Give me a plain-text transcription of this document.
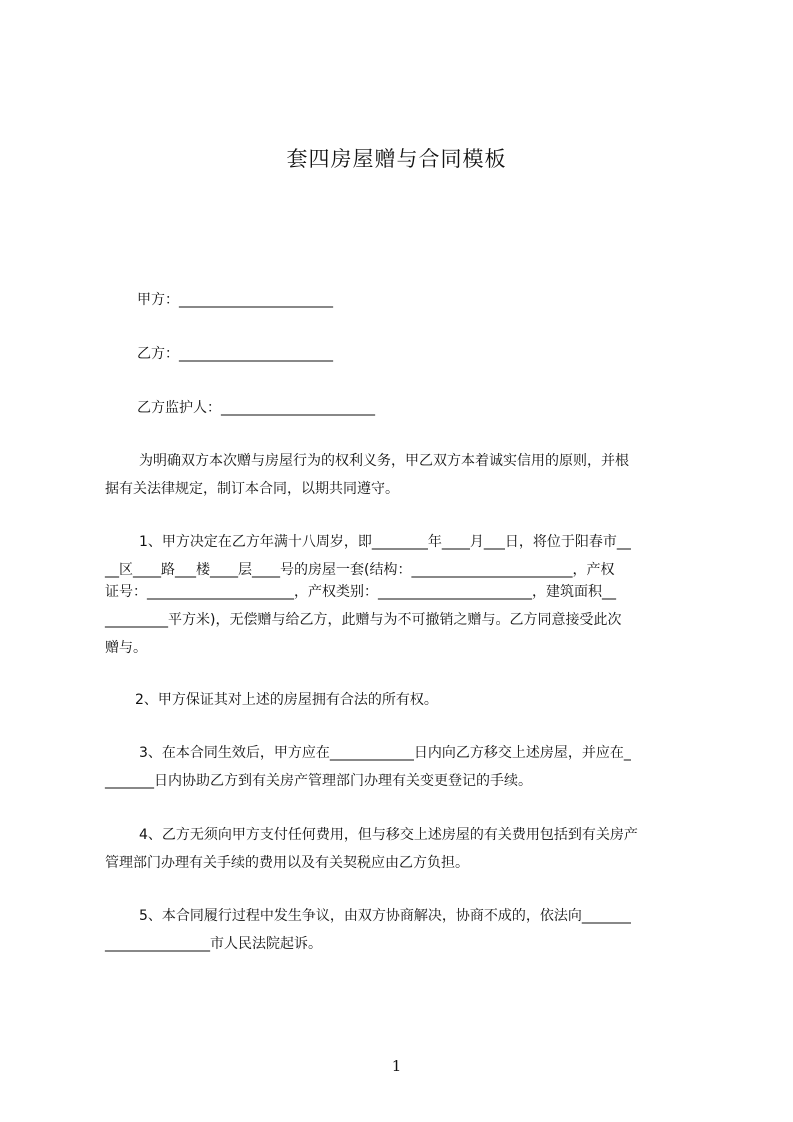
套四房屋赠与合同模板
甲方：______________________
乙方：______________________
乙方监护人：______________________
为明确双方本次赠与房屋行为的权利义务，甲乙双方本着诚实信用的原则，并根
据有关法律规定，制订本合同，以期共同遵守。
1、甲方决定在乙方年满十八周岁，即________年____月___日，将位于阳春市__
__区____路___楼____层____号的房屋一套(结构：_______________________，产权
证号：_____________________，产权类别：______________________，建筑面积__
_________平方米)，无偿赠与给乙方，此赠与为不可撤销之赠与。乙方同意接受此次
赠与。
2、甲方保证其对上述的房屋拥有合法的所有权。
3、在本合同生效后，甲方应在____________日内向乙方移交上述房屋，并应在_
_______日内协助乙方到有关房产管理部门办理有关变更登记的手续。
4、乙方无须向甲方支付任何费用，但与移交上述房屋的有关费用包括到有关房产
管理部门办理有关手续的费用以及有关契税应由乙方负担。
5、本合同履行过程中发生争议，由双方协商解决，协商不成的，依法向_______
_______________市人民法院起诉。
1
